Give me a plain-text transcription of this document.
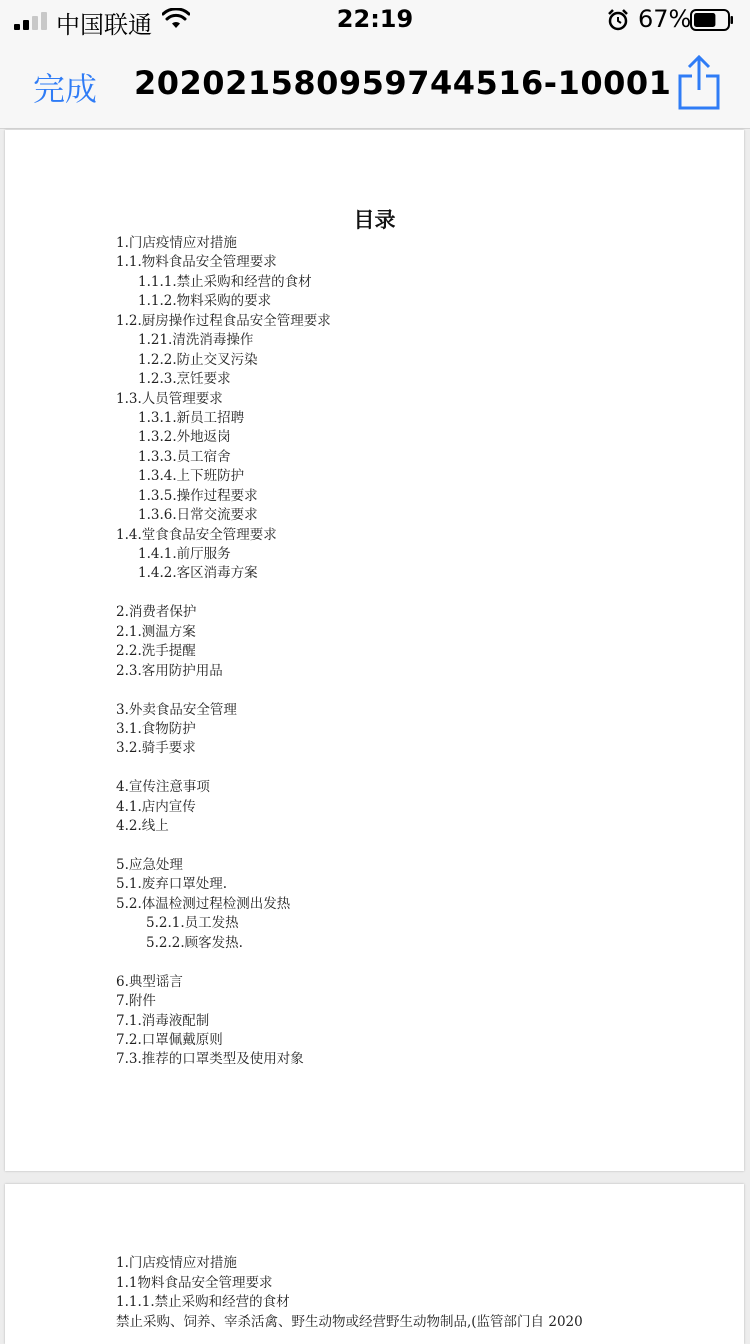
中国联通	22:19	67%
完成 202021580959744516-10001
目录
1.门店疫情应对措施
1.1.物料食品安全管理要求
1.1.1.禁止采购和经营的食材
1.1.2.物料采购的要求
1.2.厨房操作过程食品安全管理要求
1.21.清洗消毒操作
1.2.2.防止交叉污染
1.2.3.烹饪要求
1.3.人员管理要求
1.3.1.新员工招聘
1.3.2.外地返岗
1.3.3.员工宿舍
1.3.4.上下班防护
1.3.5.操作过程要求
1.3.6.日常交流要求
1.4.堂食食品安全管理要求
1.4.1.前厅服务
1.4.2.客区消毒方案
2.消费者保护
2.1.测温方案
2.2.洗手提醒
2.3.客用防护用品
3.外卖食品安全管理
3.1.食物防护
3.2.骑手要求
4.宣传注意事项
4.1.店内宣传
4.2.线上
5.应急处理
5.1.废弃口罩处理.
5.2.体温检测过程检测出发热
5.2.1.员工发热
5.2.2.顾客发热.
6.典型谣言
7.附件
7.1.消毒液配制
7.2.口罩佩戴原则
7.3.推荐的口罩类型及使用对象
1.门店疫情应对措施
1.1物料食品安全管理要求
1.1.1.禁止采购和经营的食材
禁止采购、饲养、宰杀活禽、野生动物或经营野生动物制品,(监管部门自 2020
